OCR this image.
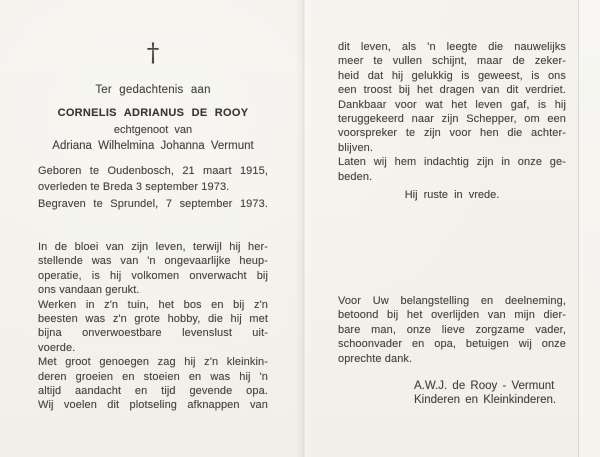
†
Ter gedachtenis aan
CORNELIS ADRIANUS DE ROOY
echtgenoot van
Adriana Wilhelmina Johanna Vermunt
Geboren te Oudenbosch, 21 maart 1915,
overleden te Breda 3 september 1973.
Begraven te Sprundel, 7 september 1973.
In de bloei van zijn leven, terwijl hij her-
stellende was van 'n ongevaarlijke heup-
operatie, is hij volkomen onverwacht bij
ons vandaan gerukt.
Werken in z'n tuin, het bos en bij z'n
beesten was z'n grote hobby, die hij met
bijna onverwoestbare levenslust uit-
voerde.
Met groot genoegen zag hij z'n kleinkin-
deren groeien en stoeien en was hij 'n
altijd aandacht en tijd gevende opa.
Wij voelen dit plotseling afknappen van
dit leven, als 'n leegte die nauwelijks
meer te vullen schijnt, maar de zeker-
heid dat hij gelukkig is geweest, is ons
een troost bij het dragen van dit verdriet.
Dankbaar voor wat het leven gaf, is hij
teruggekeerd naar zijn Schepper, om een
voorspreker te zijn voor hen die achter-
blijven.
Laten wij hem indachtig zijn in onze ge-
beden.
Hij ruste in vrede.
Voor Uw belangstelling en deelneming,
betoond bij het overlijden van mijn dier-
bare man, onze lieve zorgzame vader,
schoonvader en opa, betuigen wij onze
oprechte dank.
A.W.J. de Rooy - Vermunt
Kinderen en Kleinkinderen.
